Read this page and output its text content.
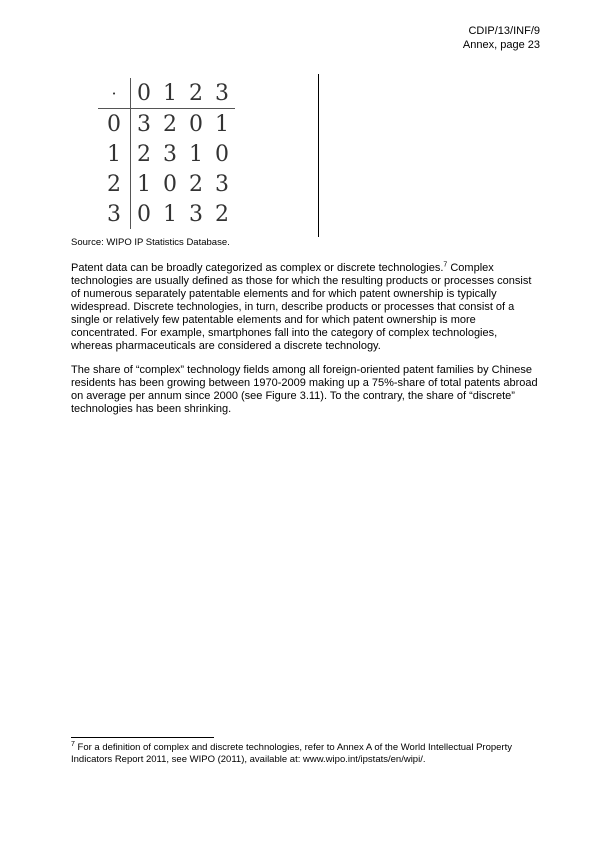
CDIP/13/INF/9
Annex, page 23
·	0	1	2	3
0	3	2	0	1
1	2	3	1	0
2	1	0	2	3
3	0	1	3	2
Source: WIPO IP Statistics Database.

Patent data can be broadly categorized as complex or discrete technologies.$^7$ Complex technologies are usually defined as those for which the resulting products or processes consist of numerous separately patentable elements and for which patent ownership is typically widespread. Discrete technologies, in turn, describe products or processes that consist of a single or relatively few patentable elements and for which patent ownership is more concentrated. For example, smartphones fall into the category of complex technologies, whereas pharmaceuticals are considered a discrete technology.

The share of “complex” technology fields among all foreign-oriented patent families by Chinese residents has been growing between 1970-2009 making up a 75%-share of total patents abroad on average per annum since 2000 (see Figure 3.11). To the contrary, the share of “discrete” technologies has been shrinking.

$^7$ For a definition of complex and discrete technologies, refer to Annex A of the World Intellectual Property Indicators Report 2011, see WIPO (2011), available at: www.wipo.int/ipstats/en/wipi/.
